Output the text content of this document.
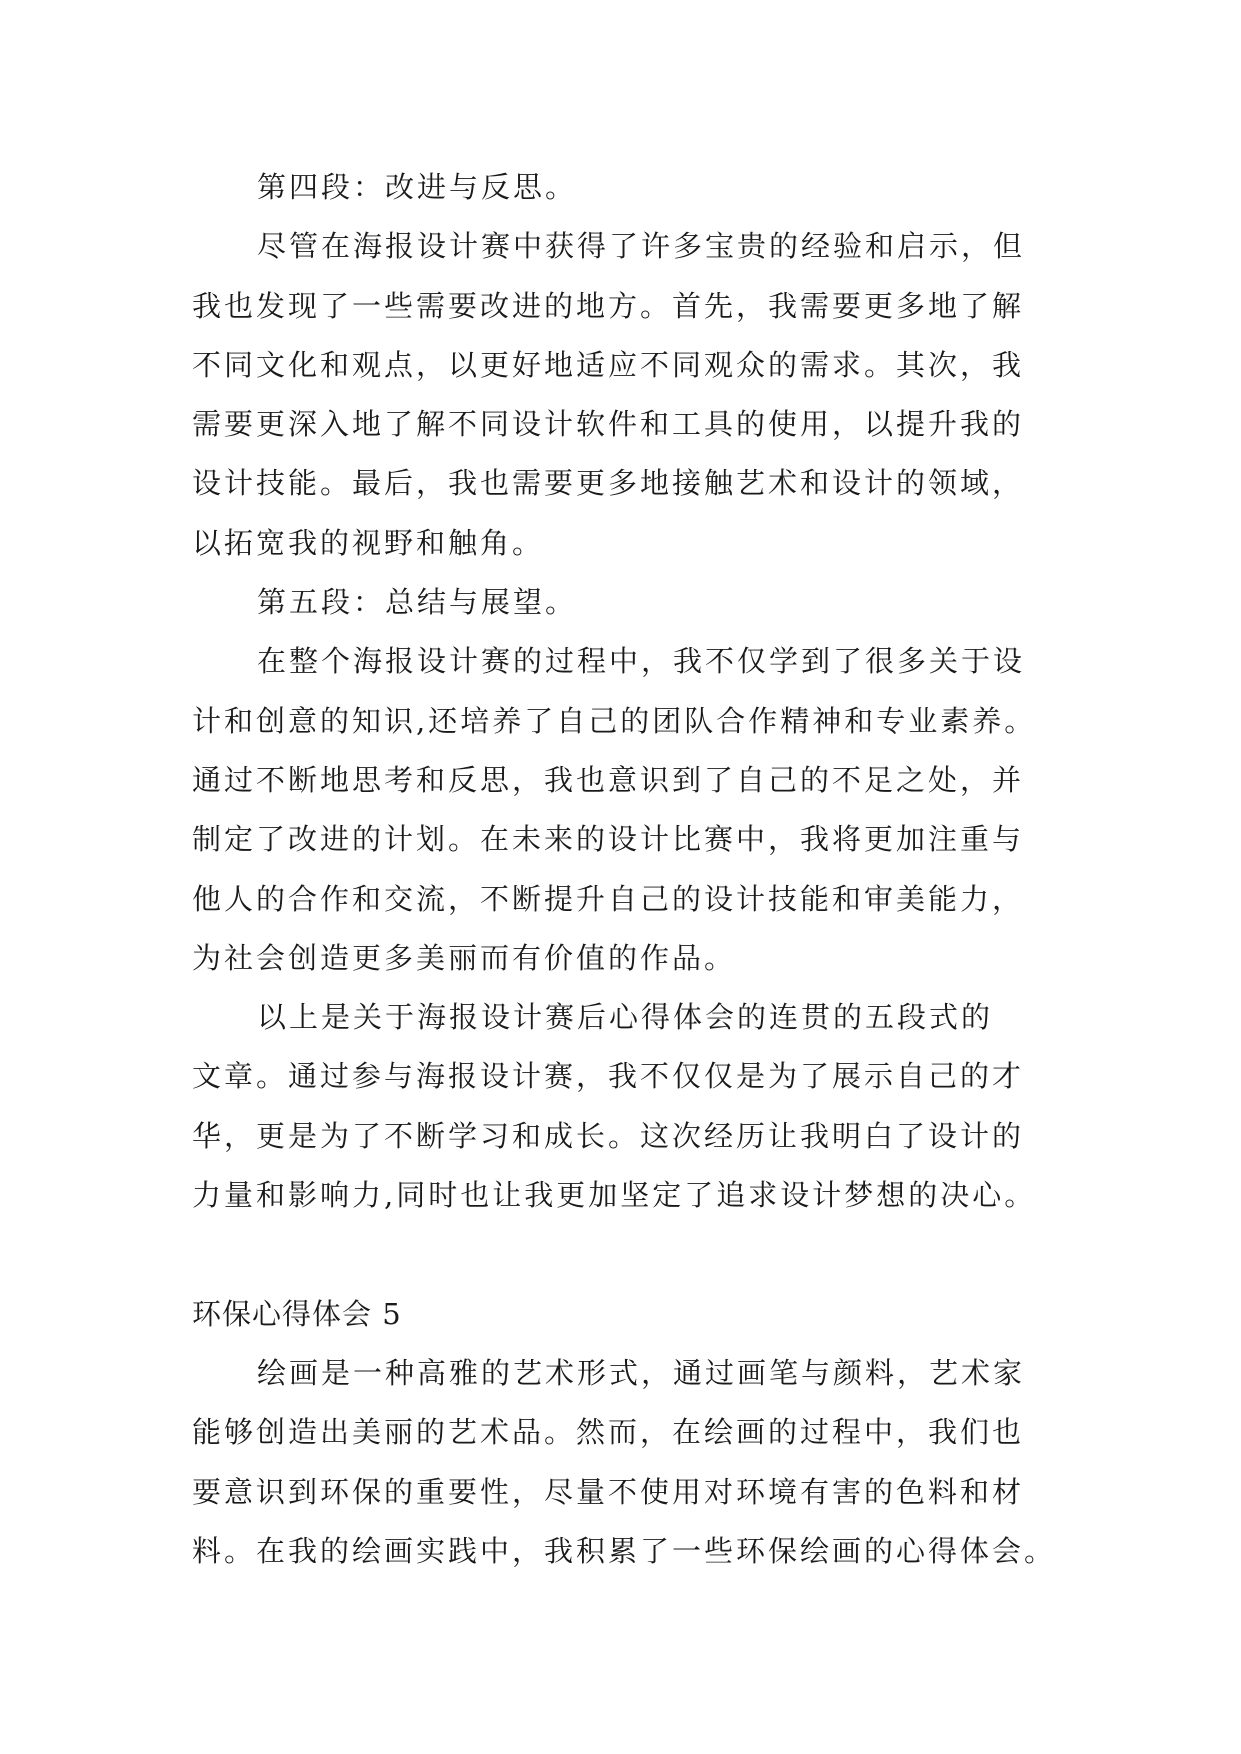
第四段：改进与反思。
尽管在海报设计赛中获得了许多宝贵的经验和启示，但
我也发现了一些需要改进的地方。首先，我需要更多地了解
不同文化和观点，以更好地适应不同观众的需求。其次，我
需要更深入地了解不同设计软件和工具的使用，以提升我的
设计技能。最后，我也需要更多地接触艺术和设计的领域，
以拓宽我的视野和触角。
第五段：总结与展望。
在整个海报设计赛的过程中，我不仅学到了很多关于设
计和创意的知识,还培养了自己的团队合作精神和专业素养。
通过不断地思考和反思，我也意识到了自己的不足之处，并
制定了改进的计划。在未来的设计比赛中，我将更加注重与
他人的合作和交流，不断提升自己的设计技能和审美能力，
为社会创造更多美丽而有价值的作品。
以上是关于海报设计赛后心得体会的连贯的五段式的
文章。通过参与海报设计赛，我不仅仅是为了展示自己的才
华，更是为了不断学习和成长。这次经历让我明白了设计的
力量和影响力,同时也让我更加坚定了追求设计梦想的决心。
环保心得体会 5
绘画是一种高雅的艺术形式，通过画笔与颜料，艺术家
能够创造出美丽的艺术品。然而，在绘画的过程中，我们也
要意识到环保的重要性，尽量不使用对环境有害的色料和材
料。在我的绘画实践中，我积累了一些环保绘画的心得体会。
